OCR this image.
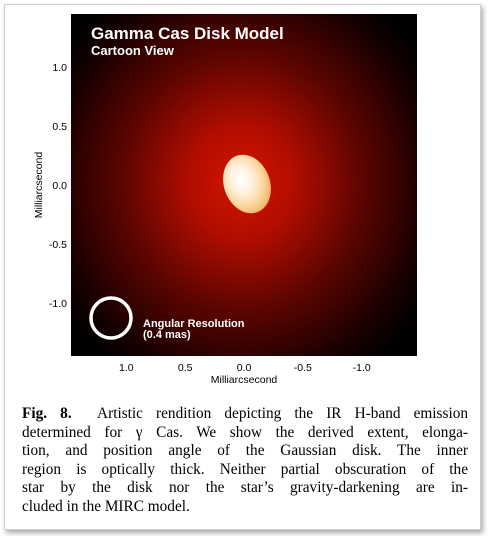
Gamma Cas Disk Model
Cartoon View
Angular Resolution
(0.4 mas)
1.0	0.5	0.0	-0.5	-1.0
1.0
0.5
0.0
-0.5
-1.0
Milliarcsecond
Milliarcsecond
Fig. 8. Artistic rendition depicting the IR H-band emission
determined for γ Cas. We show the derived extent, elonga-
tion, and position angle of the Gaussian disk. The inner
region is optically thick. Neither partial obscuration of the
star by the disk nor the star’s gravity-darkening are in-
cluded in the MIRC model.
